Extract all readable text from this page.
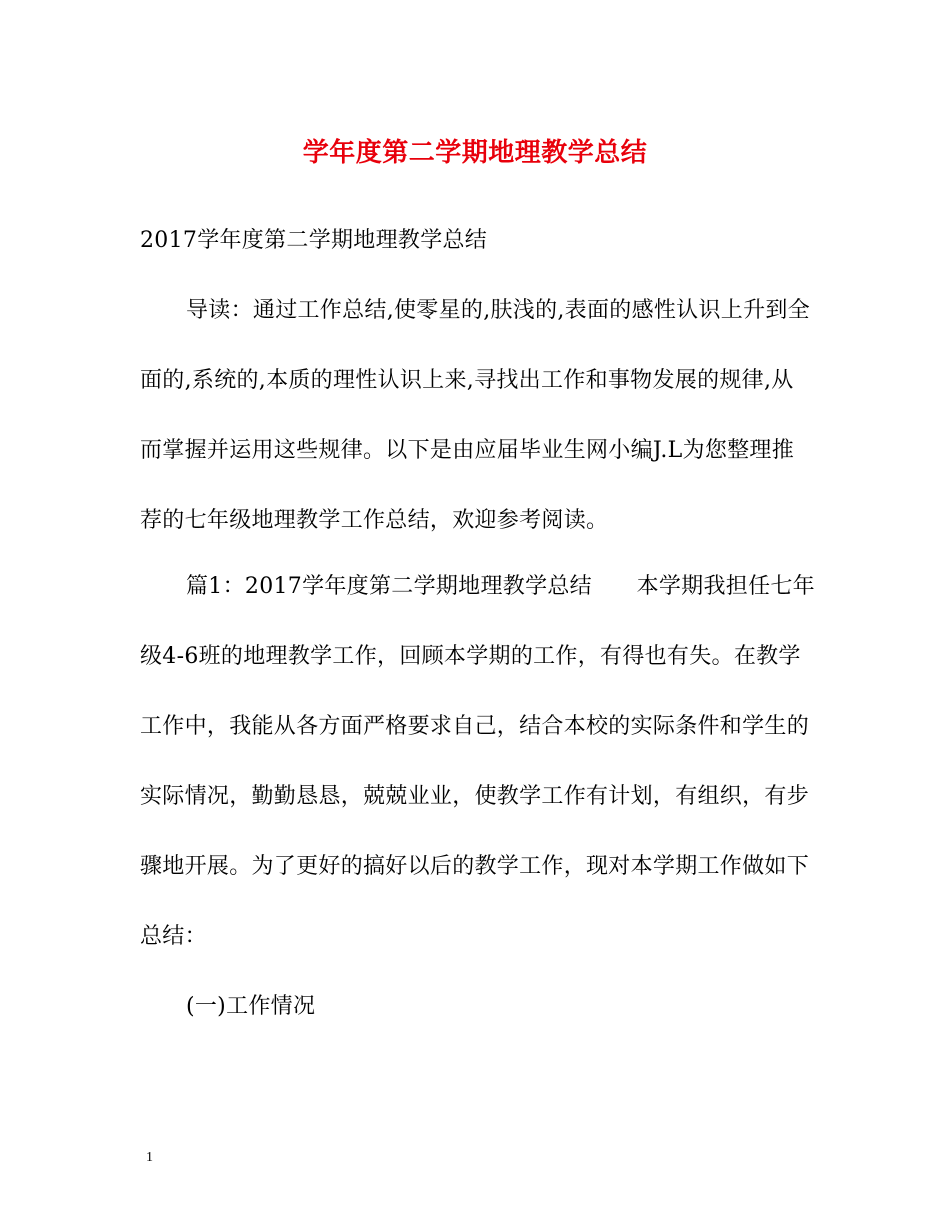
学年度第二学期地理教学总结
2017学年度第二学期地理教学总结
导读：通过工作总结,使零星的,肤浅的,表面的感性认识上升到全
面的,系统的,本质的理性认识上来,寻找出工作和事物发展的规律,从
而掌握并运用这些规律。以下是由应届毕业生网小编J.L为您整理推
荐的七年级地理教学工作总结，欢迎参考阅读。
篇1：2017学年度第二学期地理教学总结　　本学期我担任七年
级4-6班的地理教学工作，回顾本学期的工作，有得也有失。在教学
工作中，我能从各方面严格要求自己，结合本校的实际条件和学生的
实际情况，勤勤恳恳，兢兢业业，使教学工作有计划，有组织，有步
骤地开展。为了更好的搞好以后的教学工作，现对本学期工作做如下
总结：
(一)工作情况
1
